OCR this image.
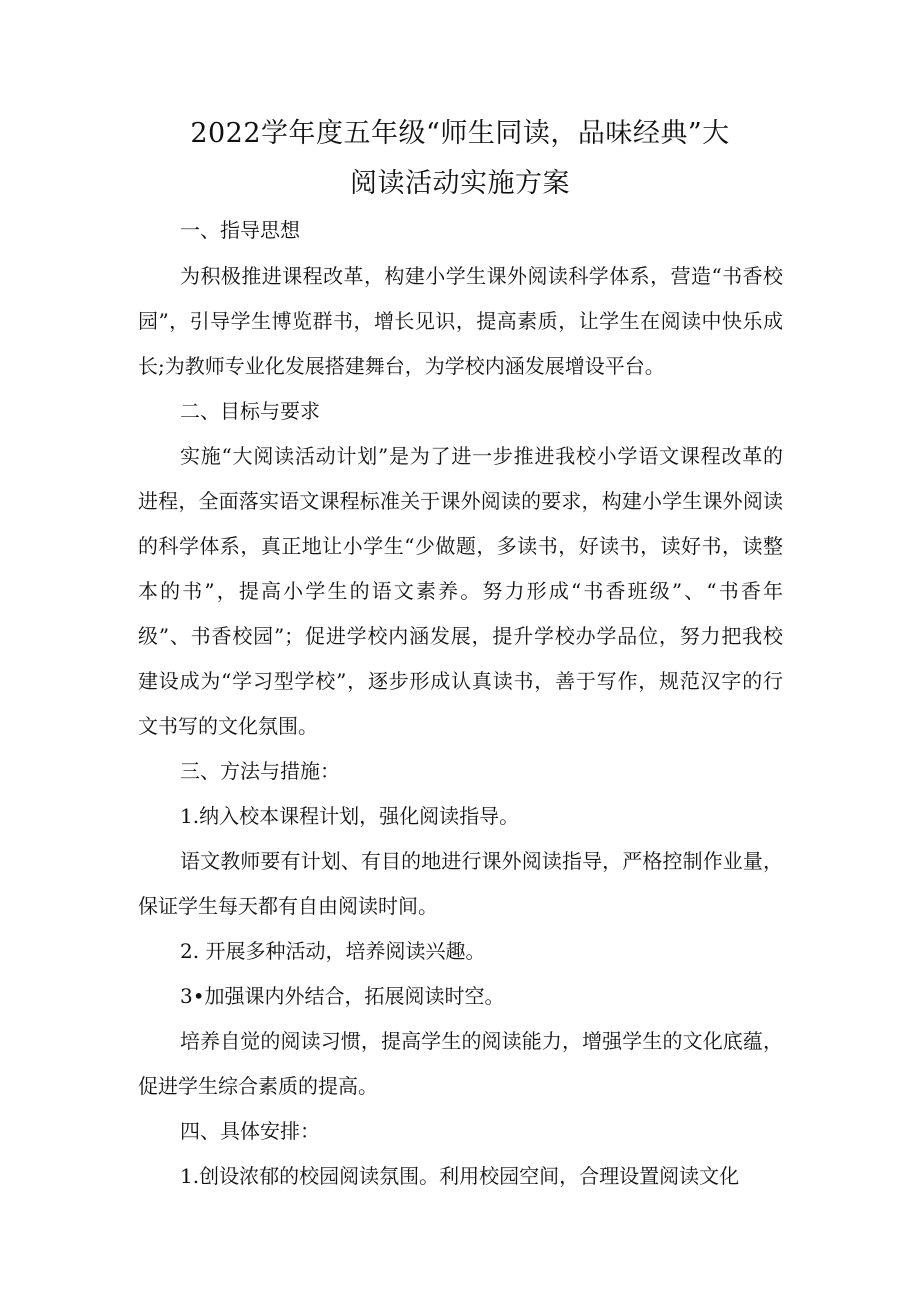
2022学年度五年级“师生同读，品味经典”大
阅读活动实施方案
一、指导思想
为积极推进课程改革，构建小学生课外阅读科学体系，营造“书香校
园”，引导学生博览群书，增长见识，提高素质，让学生在阅读中快乐成
长;为教师专业化发展搭建舞台，为学校内涵发展增设平台。
二、目标与要求
实施“大阅读活动计划”是为了进一步推进我校小学语文课程改革的
进程，全面落实语文课程标准关于课外阅读的要求，构建小学生课外阅读
的科学体系，真正地让小学生“少做题，多读书，好读书，读好书，读整
本的书”，提高小学生的语文素养。努力形成“书香班级”、“书香年
级”、书香校园”；促进学校内涵发展，提升学校办学品位，努力把我校
建设成为“学习型学校”，逐步形成认真读书，善于写作，规范汉字的行
文书写的文化氛围。
三、方法与措施：
1.纳入校本课程计划，强化阅读指导。
语文教师要有计划、有目的地进行课外阅读指导，严格控制作业量，
保证学生每天都有自由阅读时间。
2. 开展多种活动，培养阅读兴趣。
3•加强课内外结合，拓展阅读时空。
培养自觉的阅读习惯，提高学生的阅读能力，增强学生的文化底蕴，
促进学生综合素质的提高。
四、具体安排：
1.创设浓郁的校园阅读氛围。利用校园空间，合理设置阅读文化
